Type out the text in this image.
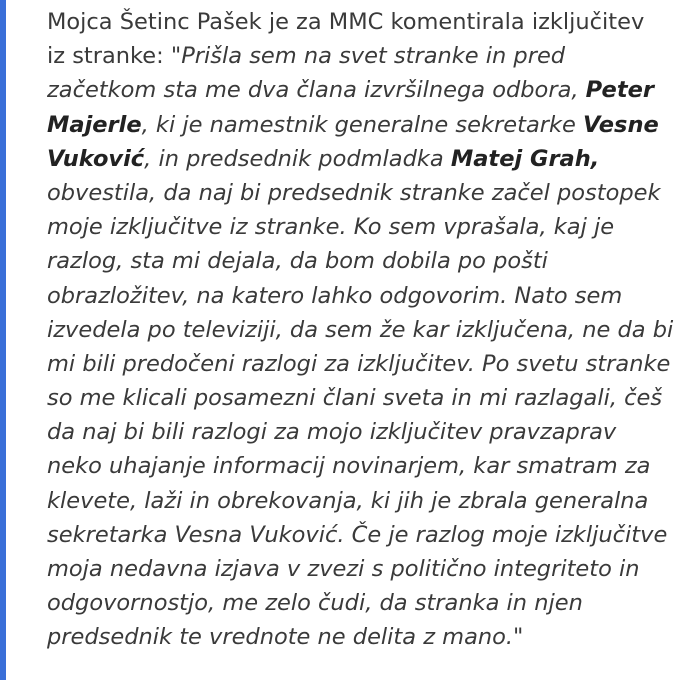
Mojca Šetinc Pašek je za MMC komentirala izključitev
iz stranke: "Prišla sem na svet stranke in pred
začetkom sta me dva člana izvršilnega odbora, Peter
Majerle, ki je namestnik generalne sekretarke Vesne
Vuković, in predsednik podmladka Matej Grah,
obvestila, da naj bi predsednik stranke začel postopek
moje izključitve iz stranke. Ko sem vprašala, kaj je
razlog, sta mi dejala, da bom dobila po pošti
obrazložitev, na katero lahko odgovorim. Nato sem
izvedela po televiziji, da sem že kar izključena, ne da bi
mi bili predočeni razlogi za izključitev. Po svetu stranke
so me klicali posamezni člani sveta in mi razlagali, češ
da naj bi bili razlogi za mojo izključitev pravzaprav
neko uhajanje informacij novinarjem, kar smatram za
klevete, laži in obrekovanja, ki jih je zbrala generalna
sekretarka Vesna Vuković. Če je razlog moje izključitve
moja nedavna izjava v zvezi s politično integriteto in
odgovornostjo, me zelo čudi, da stranka in njen
predsednik te vrednote ne delita z mano."
